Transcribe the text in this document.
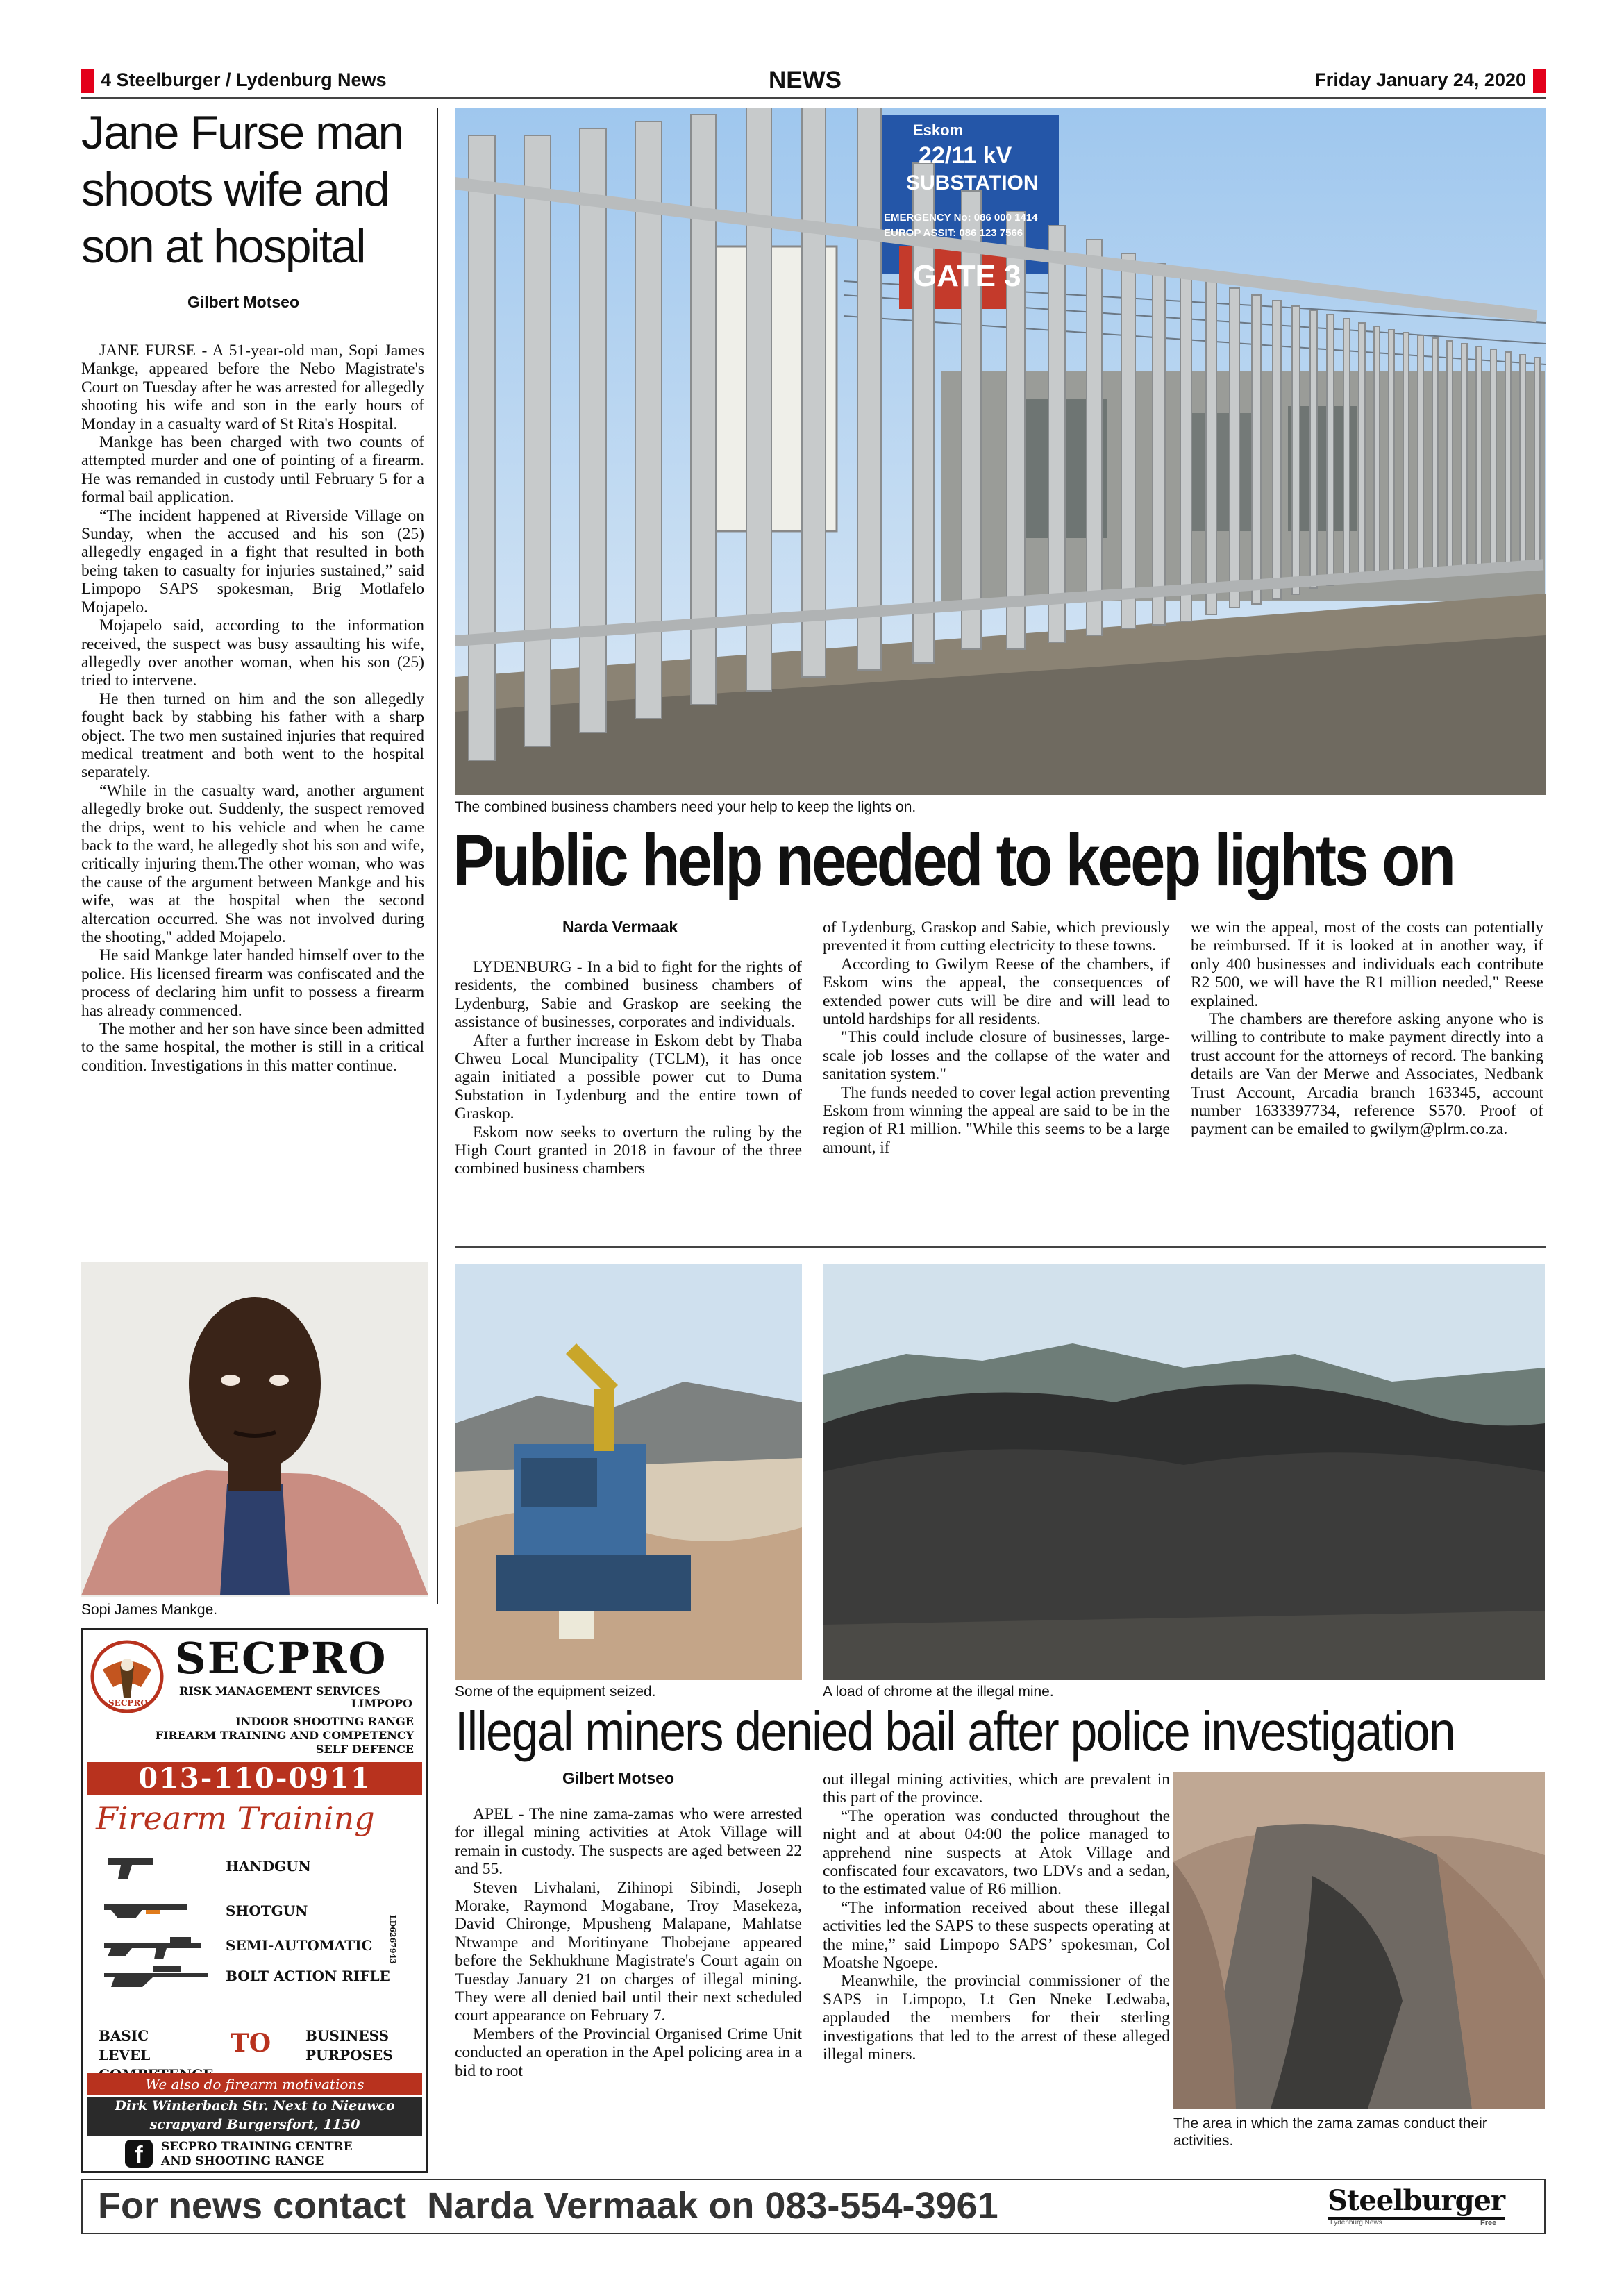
4 Steelburger / Lydenburg News	NEWS	Friday January 24, 2020
Jane Furse man shoots wife and son at hospital
Gilbert Motseo

JANE FURSE - A 51-year-old man, Sopi James Mankge, appeared before the Nebo Magistrate's Court on Tuesday after he was arrested for allegedly shooting his wife and son in the early hours of Monday in a casualty ward of St Rita's Hospital.

Mankge has been charged with two counts of attempted murder and one of pointing of a firearm. He was remanded in custody until February 5 for a formal bail application.

“The incident happened at Riverside Village on Sunday, when the accused and his son (25) allegedly engaged in a fight that resulted in both being taken to casualty for injuries sustained,” said Limpopo SAPS spokesman, Brig Motlafelo Mojapelo.

Mojapelo said, according to the information received, the suspect was busy assaulting his wife, allegedly over another woman, when his son (25) tried to intervene.

He then turned on him and the son allegedly fought back by stabbing his father with a sharp object. The two men sustained injuries that required medical treatment and both went to the hospital separately.

“While in the casualty ward, another argument allegedly broke out. Suddenly, the suspect removed the drips, went to his vehicle and when he came back to the ward, he allegedly shot his son and wife, critically injuring them.The other woman, who was the cause of the argument between Mankge and his wife, was at the hospital when the second altercation occurred. She was not involved during the shooting," added Mojapelo.

He said Mankge later handed himself over to the police. His licensed firearm was confiscated and the process of declaring him unfit to possess a firearm has already commenced.

The mother and her son have since been admitted to the same hospital, the mother is still in a critical condition. Investigations in this matter continue.

Sopi James Mankge.
SECPRO
SECPRO
RISK MANAGEMENT SERVICES
LIMPOPO
INDOOR SHOOTING RANGE
FIREARM TRAINING AND COMPETENCY
SELF DEFENCE
013-110-0911
Firearm Training
HANDGUN
SHOTGUN
SEMI-AUTOMATIC
BOLT ACTION RIFLE
LD6267943
BASIC LEVEL	TO BUSINESS PURPOSES
We also do firearm motivations
Dirk Winterbach Str. Next to Nieuwco
scrapyard Burgersfort, 1150
f	SECPRO TRAINING CENTRE
AND SHOOTING RANGE
Eskom
22/11 kV
SUBSTATION
EMERGENCY No: 086 000 1414
EUROP ASSIT: 086 123 7566
GATE 3
The combined business chambers need your help to keep the lights on.
Public help needed to keep lights on
Narda Vermaak

LYDENBURG - In a bid to fight for the rights of residents, the combined business chambers of Lydenburg, Sabie and Graskop are seeking the assistance of businesses, corporates and individuals.

After a further increase in Eskom debt by Thaba Chweu Local Muncipality (TCLM), it has once again initiated a possible power cut to Duma Substation in Lydenburg and the entire town of Graskop.

Eskom now seeks to overturn the ruling by the High Court granted in 2018 in favour of the three combined business chambers

of Lydenburg, Graskop and Sabie, which previously prevented it from cutting electricity to these towns.

According to Gwilym Reese of the chambers, if Eskom wins the appeal, the consequences of extended power cuts will be dire and will lead to untold hardships for all residents.

"This could include closure of businesses, large-scale job losses and the collapse of the water and sanitation system."

The funds needed to cover legal action preventing Eskom from winning the appeal are said to be in the region of R1 million. "While this seems to be a large amount, if

we win the appeal, most of the costs can potentially be reimbursed. If it is looked at in another way, if only 400 businesses and individuals each contribute R2 500, we will have the R1 million needed," Reese explained.

The chambers are therefore asking anyone who is willing to contribute to make payment directly into a trust account for the attorneys of record. The banking details are Van der Merwe and Associates, Nedbank Trust Account, Arcadia branch 163345, account number 1633397734, reference S570. Proof of payment can be emailed to gwilym@plrm.co.za.

Some of the equipment seized.	A load of chrome at the illegal mine.
Illegal miners denied bail after police investigation
Gilbert Motseo

APEL - The nine zama-zamas who were arrested for illegal mining activities at Atok Village will remain in custody. The suspects are aged between 22 and 55.

Steven Livhalani, Zihinopi Sibindi, Joseph Morake, Raymond Mogabane, Troy Masekeza, David Chironge, Mpusheng Malapane, Mahlatse Ntwampe and Moritinyane Thobejane appeared before the Sekhukhune Magistrate's Court again on Tuesday January 21 on charges of illegal mining. They were all denied bail until their next scheduled court appearance on February 7.

Members of the Provincial Organised Crime Unit conducted an operation in the Apel policing area in a bid to root

out illegal mining activities, which are prevalent in this part of the province.

“The operation was conducted throughout the night and at about 04:00 the police managed to apprehend nine suspects at Atok Village and confiscated four excavators, two LDVs and a sedan, to the estimated value of R6 million.

“The information received about these illegal activities led the SAPS to these suspects operating at the mine,” said Limpopo SAPS’ spokesman, Col Moatshe Ngoepe.

Meanwhile, the provincial commissioner of the SAPS in Limpopo, Lt Gen Nneke Ledwaba, applauded the members for their sterling investigations that led to the arrest of these alleged illegal miners.

The area in which the zama zamas conduct their activities.
For news contact  Narda Vermaak on 083-554-3961	Steelburger
Lydenburg News	Free
